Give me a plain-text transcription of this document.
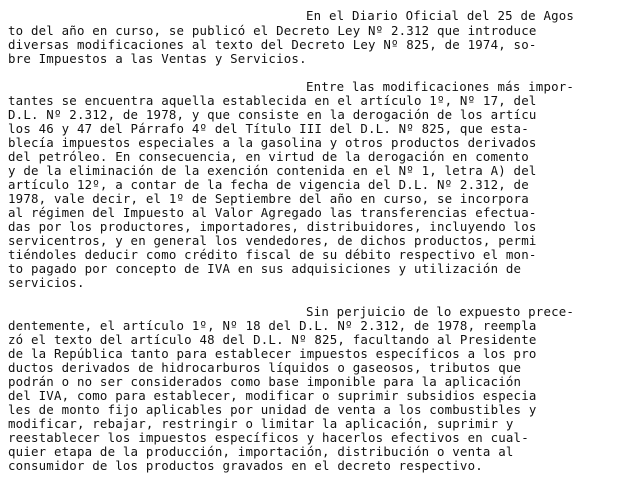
En el Diario Oficial del 25 de Agos
to del año en curso, se publicó el Decreto Ley Nº 2.312 que introduce
diversas modificaciones al texto del Decreto Ley Nº 825, de 1974, so-
bre Impuestos a las Ventas y Servicios.
Entre las modificaciones más impor-
tantes se encuentra aquella establecida en el artículo 1º, Nº 17, del
D.L. Nº 2.312, de 1978, y que consiste en la derogación de los artícu
los 46 y 47 del Párrafo 4º del Título III del D.L. Nº 825, que esta-
blecía impuestos especiales a la gasolina y otros productos derivados
del petróleo. En consecuencia, en virtud de la derogación en comento
y de la eliminación de la exención contenida en el Nº 1, letra A) del
artículo 12º, a contar de la fecha de vigencia del D.L. Nº 2.312, de
1978, vale decir, el 1º de Septiembre del año en curso, se incorpora
al régimen del Impuesto al Valor Agregado las transferencias efectua-
das por los productores, importadores, distribuidores, incluyendo los
servicentros, y en general los vendedores, de dichos productos, permi
tiéndoles deducir como crédito fiscal de su débito respectivo el mon-
to pagado por concepto de IVA en sus adquisiciones y utilización de
servicios.
Sin perjuicio de lo expuesto prece-
dentemente, el artículo 1º, Nº 18 del D.L. Nº 2.312, de 1978, reempla
zó el texto del artículo 48 del D.L. Nº 825, facultando al Presidente
de la República tanto para establecer impuestos específicos a los pro
ductos derivados de hidrocarburos líquidos o gaseosos, tributos que
podrán o no ser considerados como base imponible para la aplicación
del IVA, como para establecer, modificar o suprimir subsidios especia
les de monto fijo aplicables por unidad de venta a los combustibles y
modificar, rebajar, restringir o limitar la aplicación, suprimir y
reestablecer los impuestos específicos y hacerlos efectivos en cual-
quier etapa de la producción, importación, distribución o venta al
consumidor de los productos gravados en el decreto respectivo.
